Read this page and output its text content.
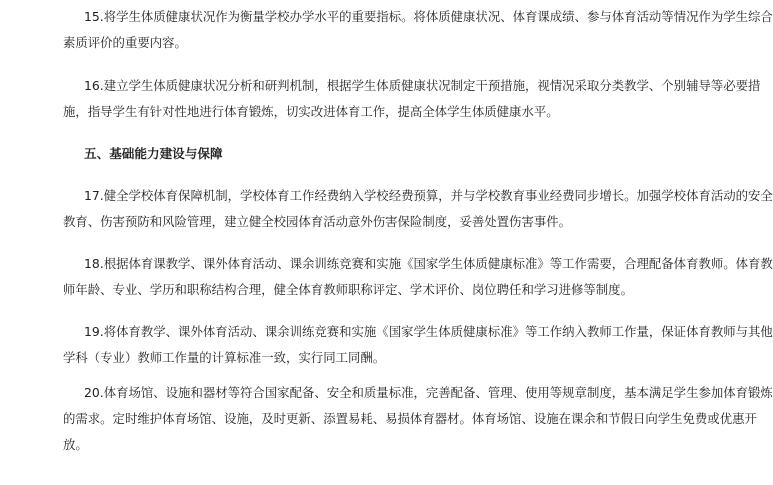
15.将学生体质健康状况作为衡量学校办学水平的重要指标。将体质健康状况、体育课成绩、参与体育活动等情况作为学生综合
素质评价的重要内容。

16.建立学生体质健康状况分析和研判机制，根据学生体质健康状况制定干预措施，视情况采取分类教学、个别辅导等必要措
施，指导学生有针对性地进行体育锻炼，切实改进体育工作，提高全体学生体质健康水平。

五、基础能力建设与保障

17.健全学校体育保障机制，学校体育工作经费纳入学校经费预算，并与学校教育事业经费同步增长。加强学校体育活动的安全
教育、伤害预防和风险管理，建立健全校园体育活动意外伤害保险制度，妥善处置伤害事件。

18.根据体育课教学、课外体育活动、课余训练竞赛和实施《国家学生体质健康标准》等工作需要，合理配备体育教师。体育教
师年龄、专业、学历和职称结构合理，健全体育教师职称评定、学术评价、岗位聘任和学习进修等制度。

19.将体育教学、课外体育活动、课余训练竞赛和实施《国家学生体质健康标准》等工作纳入教师工作量，保证体育教师与其他
学科（专业）教师工作量的计算标准一致，实行同工同酬。

20.体育场馆、设施和器材等符合国家配备、安全和质量标准，完善配备、管理、使用等规章制度，基本满足学生参加体育锻炼
的需求。定时维护体育场馆、设施，及时更新、添置易耗、易损体育器材。体育场馆、设施在课余和节假日向学生免费或优惠开
放。
